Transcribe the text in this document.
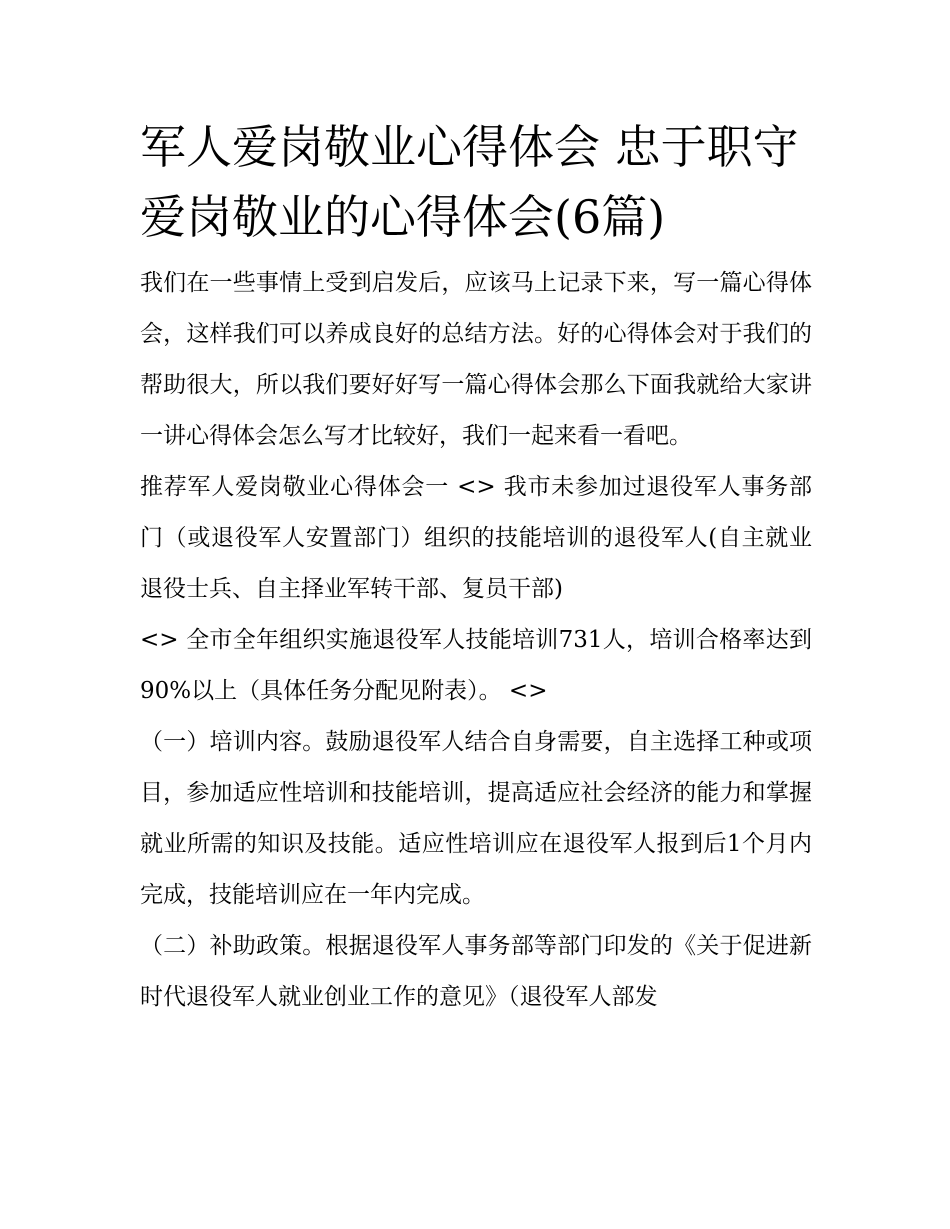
军人爱岗敬业心得体会 忠于职守爱岗敬业的心得体会(6篇)

我们在一些事情上受到启发后，应该马上记录下来，写一篇心得体会，这样我们可以养成良好的总结方法。好的心得体会对于我们的帮助很大，所以我们要好好写一篇心得体会那么下面我就给大家讲一讲心得体会怎么写才比较好，我们一起来看一看吧。

推荐军人爱岗敬业心得体会一 <> 我市未参加过退役军人事务部门（或退役军人安置部门）组织的技能培训的退役军人(自主就业退役士兵、自主择业军转干部、复员干部)

<> 全市全年组织实施退役军人技能培训731人，培训合格率达到90%以上（具体任务分配见附表）。 <>

（一）培训内容。鼓励退役军人结合自身需要，自主选择工种或项目，参加适应性培训和技能培训，提高适应社会经济的能力和掌握就业所需的知识及技能。适应性培训应在退役军人报到后1个月内完成，技能培训应在一年内完成。

（二）补助政策。根据退役军人事务部等部门印发的《关于促进新时代退役军人就业创业工作的意见》（退役军人部发
